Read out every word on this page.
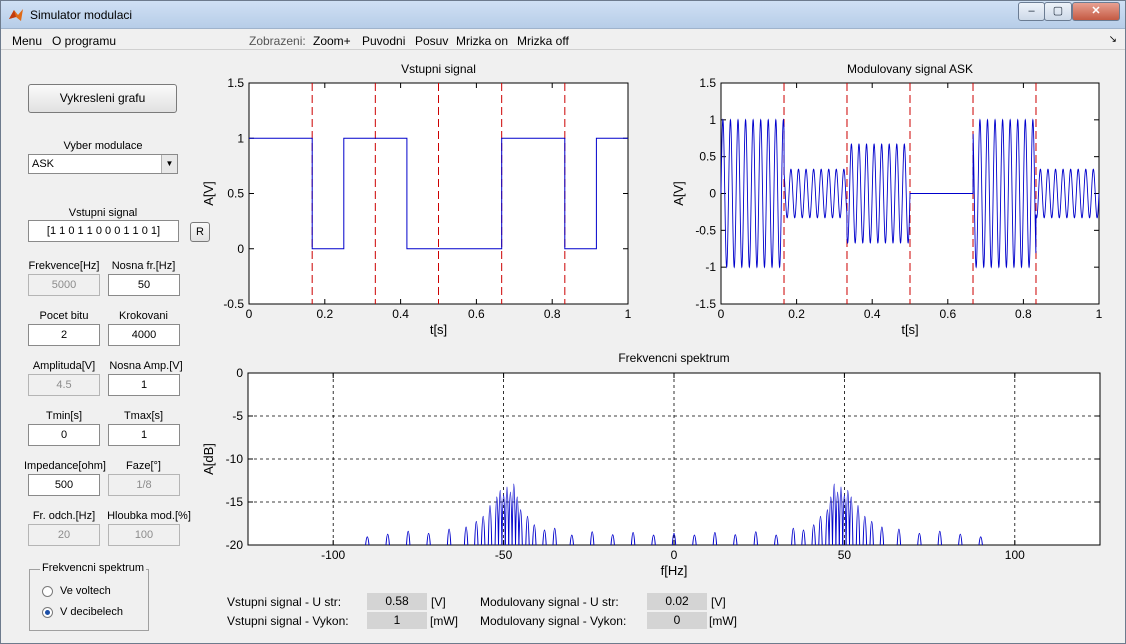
Simulator modulaci	–	▢	✕
Menu O programu	Zobrazeni: Zoom+ Puvodni Posuv Mrizka on Mrizka off	↘
Vykresleni grafu
Vyber modulace
ASK	▼
Vstupni signal
[1 1 0 1 1 0 0 0 1 1 0 1]	R
Frekvence[Hz]	Nosna fr.[Hz]
5000	50
Pocet bitu	Krokovani
2	4000
Amplituda[V]	Nosna Amp.[V]
4.5	1
Tmin[s]	Tmax[s]
0	1
Impedance[ohm]	Faze[°]
500	1/8
Fr. odch.[Hz]	Hloubka mod.[%]
20	100
Frekvencni spektrum
Ve voltech
V decibelech
Vstupni signal
0	0.2	0.4	0.6	0.8	1
-0.5
0
0.5
1
1.5
t[s]
A[V]
Modulovany signal ASK
0	0.2	0.4	0.6	0.8	1
-1.5
-1
-0.5
0
0.5
1
1.5
t[s]
A[V]
Frekvencni spektrum
-100	-50	0	50	100
-20
-15
-10
-5
0
f[Hz]
A[dB]
Vstupni signal - U str:	0.58	[V]
Vstupni signal - Vykon:	1	[mW]
Modulovany signal - U str:	0.02	[V]
Modulovany signal - Vykon:	0	[mW]
